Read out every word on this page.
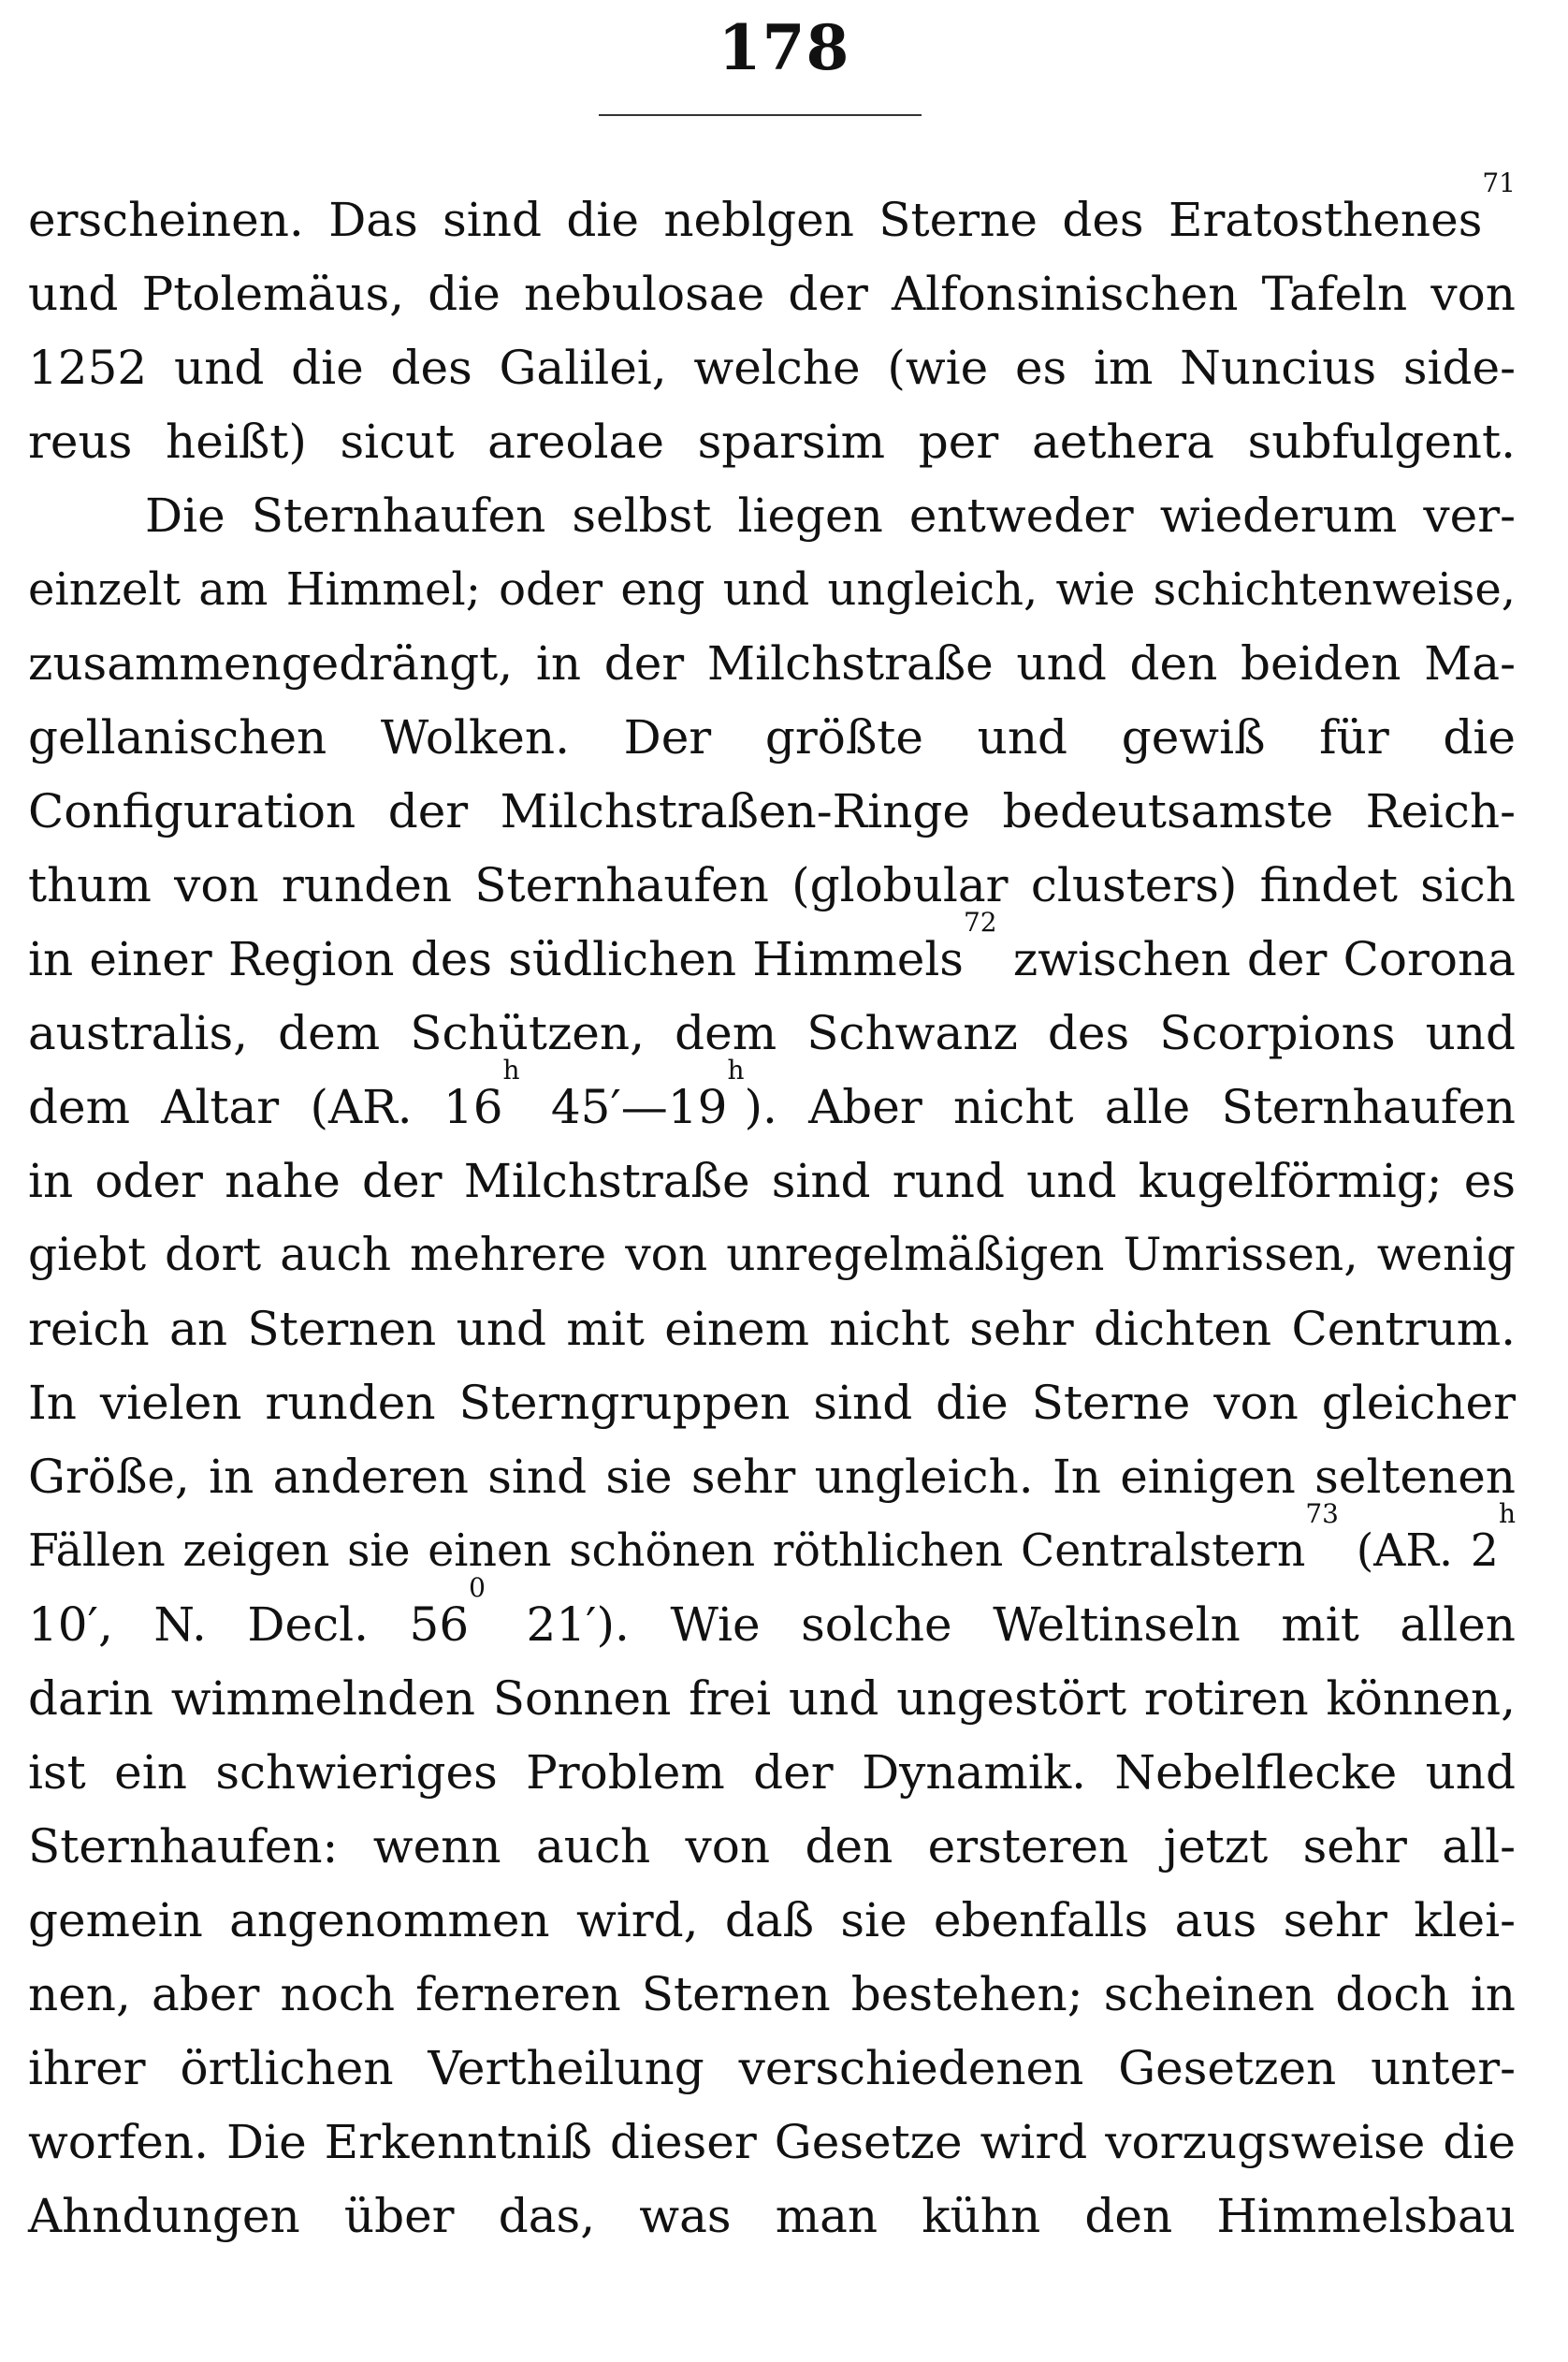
178
erscheinen. Das sind die neblgen Sterne des Eratosthenes$^{71}$
und Ptolemäus, die nebulosae der Alfonsinischen Tafeln von
1252 und die des Galilei, welche (wie es im Nuncius side-
reus heißt) sicut areolae sparsim per aethera subfulgent.
Die Sternhaufen selbst liegen entweder wiederum ver-
einzelt am Himmel; oder eng und ungleich, wie schichtenweise,
zusammengedrängt, in der Milchstraße und den beiden Ma-
gellanischen Wolken. Der größte und gewiß für die
Configuration der Milchstraßen-Ringe bedeutsamste Reich-
thum von runden Sternhaufen (globular clusters) findet sich
in einer Region des südlichen Himmels$^{72}$ zwischen der Corona
australis, dem Schützen, dem Schwanz des Scorpions und
dem Altar (AR. 16$^h$ 45′—19$^h$). Aber nicht alle Sternhaufen
in oder nahe der Milchstraße sind rund und kugelförmig; es
giebt dort auch mehrere von unregelmäßigen Umrissen, wenig
reich an Sternen und mit einem nicht sehr dichten Centrum.
In vielen runden Sterngruppen sind die Sterne von gleicher
Größe, in anderen sind sie sehr ungleich. In einigen seltenen
Fällen zeigen sie einen schönen röthlichen Centralstern$^{73}$ (AR. 2$^h$
10′, N. Decl. $56^0$ 21′). Wie solche Weltinseln mit allen
darin wimmelnden Sonnen frei und ungestört rotiren können,
ist ein schwieriges Problem der Dynamik. Nebelflecke und
Sternhaufen: wenn auch von den ersteren jetzt sehr all-
gemein angenommen wird, daß sie ebenfalls aus sehr klei-
nen, aber noch ferneren Sternen bestehen; scheinen doch in
ihrer örtlichen Vertheilung verschiedenen Gesetzen unter-
worfen. Die Erkenntniß dieser Gesetze wird vorzugsweise die
Ahndungen über das, was man kühn den Himmelsbau
